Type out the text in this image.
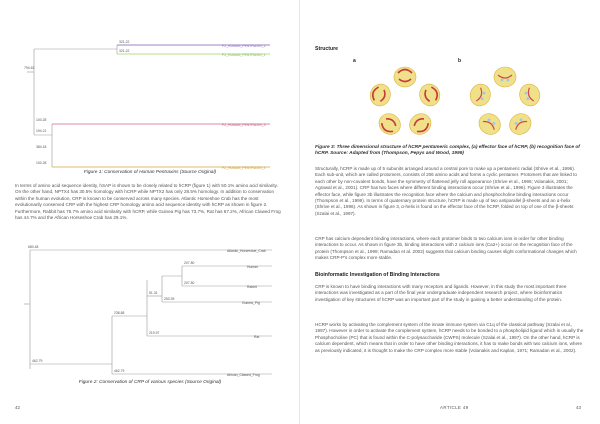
794.63
321.22
321.22
100.28
194.21
384.18
100.28
P2_HUMAN_PENTRAXIN_2
P2_HUMAN_PENTRAXIN_1
P2_HUMAN_PENTRAXIN_3
P2_HUMAN_PENTRAXIN_4
Figure 1: Conservation of Human Pentraxins (Source Original)

In terms of amino acid sequence identity, hSAP is shown to be closely related to hCRP (figure 1) with 50.1% amino acid similarity. On the other hand, NPTX4 has 30.5% homology with hCRP while NPTX2 has only 28.5% homology. In addition to conservation within the human evolution, CRP is known to be conserved across many species. Atlantic Horseshoe Crab has the most evolutionarily conserved CRP with the highest CRP homology amino acid sequence identity with hCRP as shown in figure 2. Furthermore, Rabbit has 75.7% amino acid similarity with hCRP, while Guinea Pig has 73.7%, Rat has 67.2%, African Clawed Frog has 44.7% and the African Horseshoe Crab has 29.1%.

680.48
207.80
207.80
51.31
253.39
238.68
219.97
462.79
462.79
Atlantic_Horseshoe_Crab
Human
Rabbit
Guinea_Pig
Rat
African_Clawed_Frog
Figure 2: Conservation of CRP of various species (Source Original)
42
Structure
a	b
Figure 3: Three dimensional structure of hCRP pentameric complex, (a) effector face of hCRP, (b) recognition face of hCRP. Source: Adapted from (Thompson, Pepys and Wood, 1999)

Structurally, hCRP is made up of 5 subunits arranged around a central pore to make up a pentameric radial (Shrive et al., 1996). Each sub-unit, which are called protomers, consists of 206 amino acids and forms a cyclic pentamer. Protomers that are linked to each other by non-covalent bonds, have the symmetry of flattened jelly roll appearance (Shrive et al., 1996; Volanakis, 2001; Agrawal et al., 2001). CRP has two faces where different binding interactions occur (Shrive et al., 1996). Figure 3 illustrates the effector face, while figure 3b illustrates the recognition face where the calcium and phosphocholine binding interactions occur (Thompson et al., 1999). In terms of quaternary protein structure, hCRP is made up of two antiparallel β-sheets and an α-helix (Shrive et al., 1996). As shown in figure 3, α-helix is found on the effector face of the hCRP, folded on top of one of the β-sheets (Szalai et al., 1997).

CRP has calcium dependent binding interactions, where each protomer binds to two calcium ions in order for other binding interactions to occur. As shown in figure 3b, binding interactions with 2 calcium ions (Ca2+) occur on the recognition face of the protein (Thompson et al., 1999; Ramadan et al. 2002) suggests that calcium binding causes slight conformational changes which makes CRP-P's complex more stable.

Bioinformatic Investigation of Binding Interactions

CRP is known to have binding interactions with many receptors and ligands. However, in this study the most important three interactions was investigated as a part of the final year undergraduate independent research project, where bioinformatics investigation of key structures of hCRP was an important part of the study in gaining a better understanding of the protein.

HCRP works by activating the complement system of the innate immune system via C1q of the classical pathway (Szalai et al., 1997). However in order to activate the complement system, hCRP needs to be bonded to a phospholipid ligand which is usually the Phosphocholine (PC) that is found within the C-polysaccharide (CWPS) molecule (Szalai et al., 1997). On the other hand, hCRP is calcium dependent, which means that in order to have other binding interactions, it has to make bonds with two calcium ions, where as previously indicated, it is thought to make the CRP complex more stable (Volanakis and Kaplan, 1971; Ramadan et al., 2002).

ARTICLE 49	43
